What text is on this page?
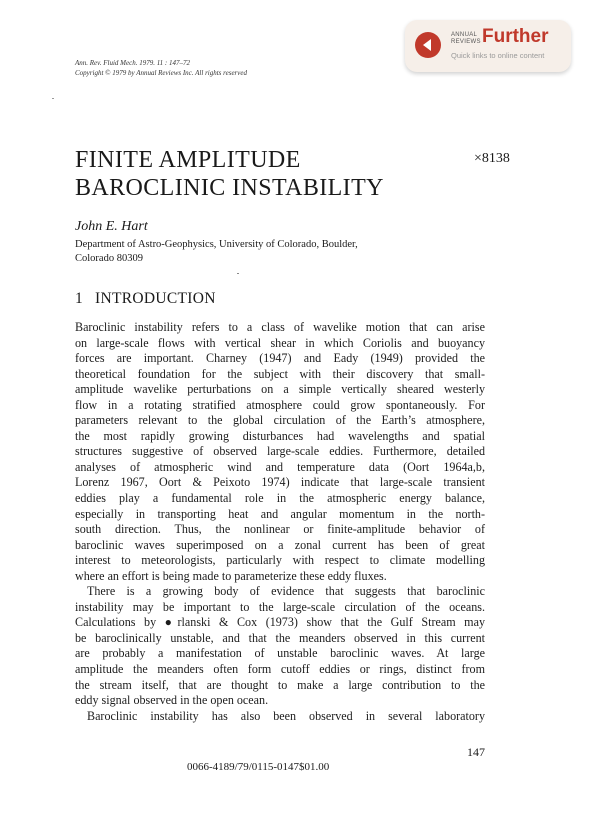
Ann. Rev. Fluid Mech. 1979. 11 : 147–72
Copyright © 1979 by Annual Reviews Inc. All rights reserved
ANNUAL
REVIEWS Further
Quick links to online content
FINITE AMPLITUDE
BAROCLINIC INSTABILITY
×8138
John E. Hart
Department of Astro-Geophysics, University of Colorado, Boulder,
Colorado 80309
1 INTRODUCTION
Baroclinic instability refers to a class of wavelike motion that can arise
on large-scale flows with vertical shear in which Coriolis and buoyancy
forces are important. Charney (1947) and Eady (1949) provided the
theoretical foundation for the subject with their discovery that small-
amplitude wavelike perturbations on a simple vertically sheared westerly
flow in a rotating stratified atmosphere could grow spontaneously. For
parameters relevant to the global circulation of the Earth’s atmosphere,
the most rapidly growing disturbances had wavelengths and spatial
structures suggestive of observed large-scale eddies. Furthermore, detailed
analyses of atmospheric wind and temperature data (Oort 1964a,b,
Lorenz 1967, Oort & Peixoto 1974) indicate that large-scale transient
eddies play a fundamental role in the atmospheric energy balance,
especially in transporting heat and angular momentum in the north-
south direction. Thus, the nonlinear or finite-amplitude behavior of
baroclinic waves superimposed on a zonal current has been of great
interest to meteorologists, particularly with respect to climate modelling
where an effort is being made to parameterize these eddy fluxes.
There is a growing body of evidence that suggests that baroclinic
instability may be important to the large-scale circulation of the oceans.
Calculations by ●rlanski & Cox (1973) show that the Gulf Stream may
be baroclinically unstable, and that the meanders observed in this current
are probably a manifestation of unstable baroclinic waves. At large
amplitude the meanders often form cutoff eddies or rings, distinct from
the stream itself, that are thought to make a large contribution to the
eddy signal observed in the open ocean.
Baroclinic instability has also been observed in several laboratory
147
0066-4189/79/0115-0147$01.00
